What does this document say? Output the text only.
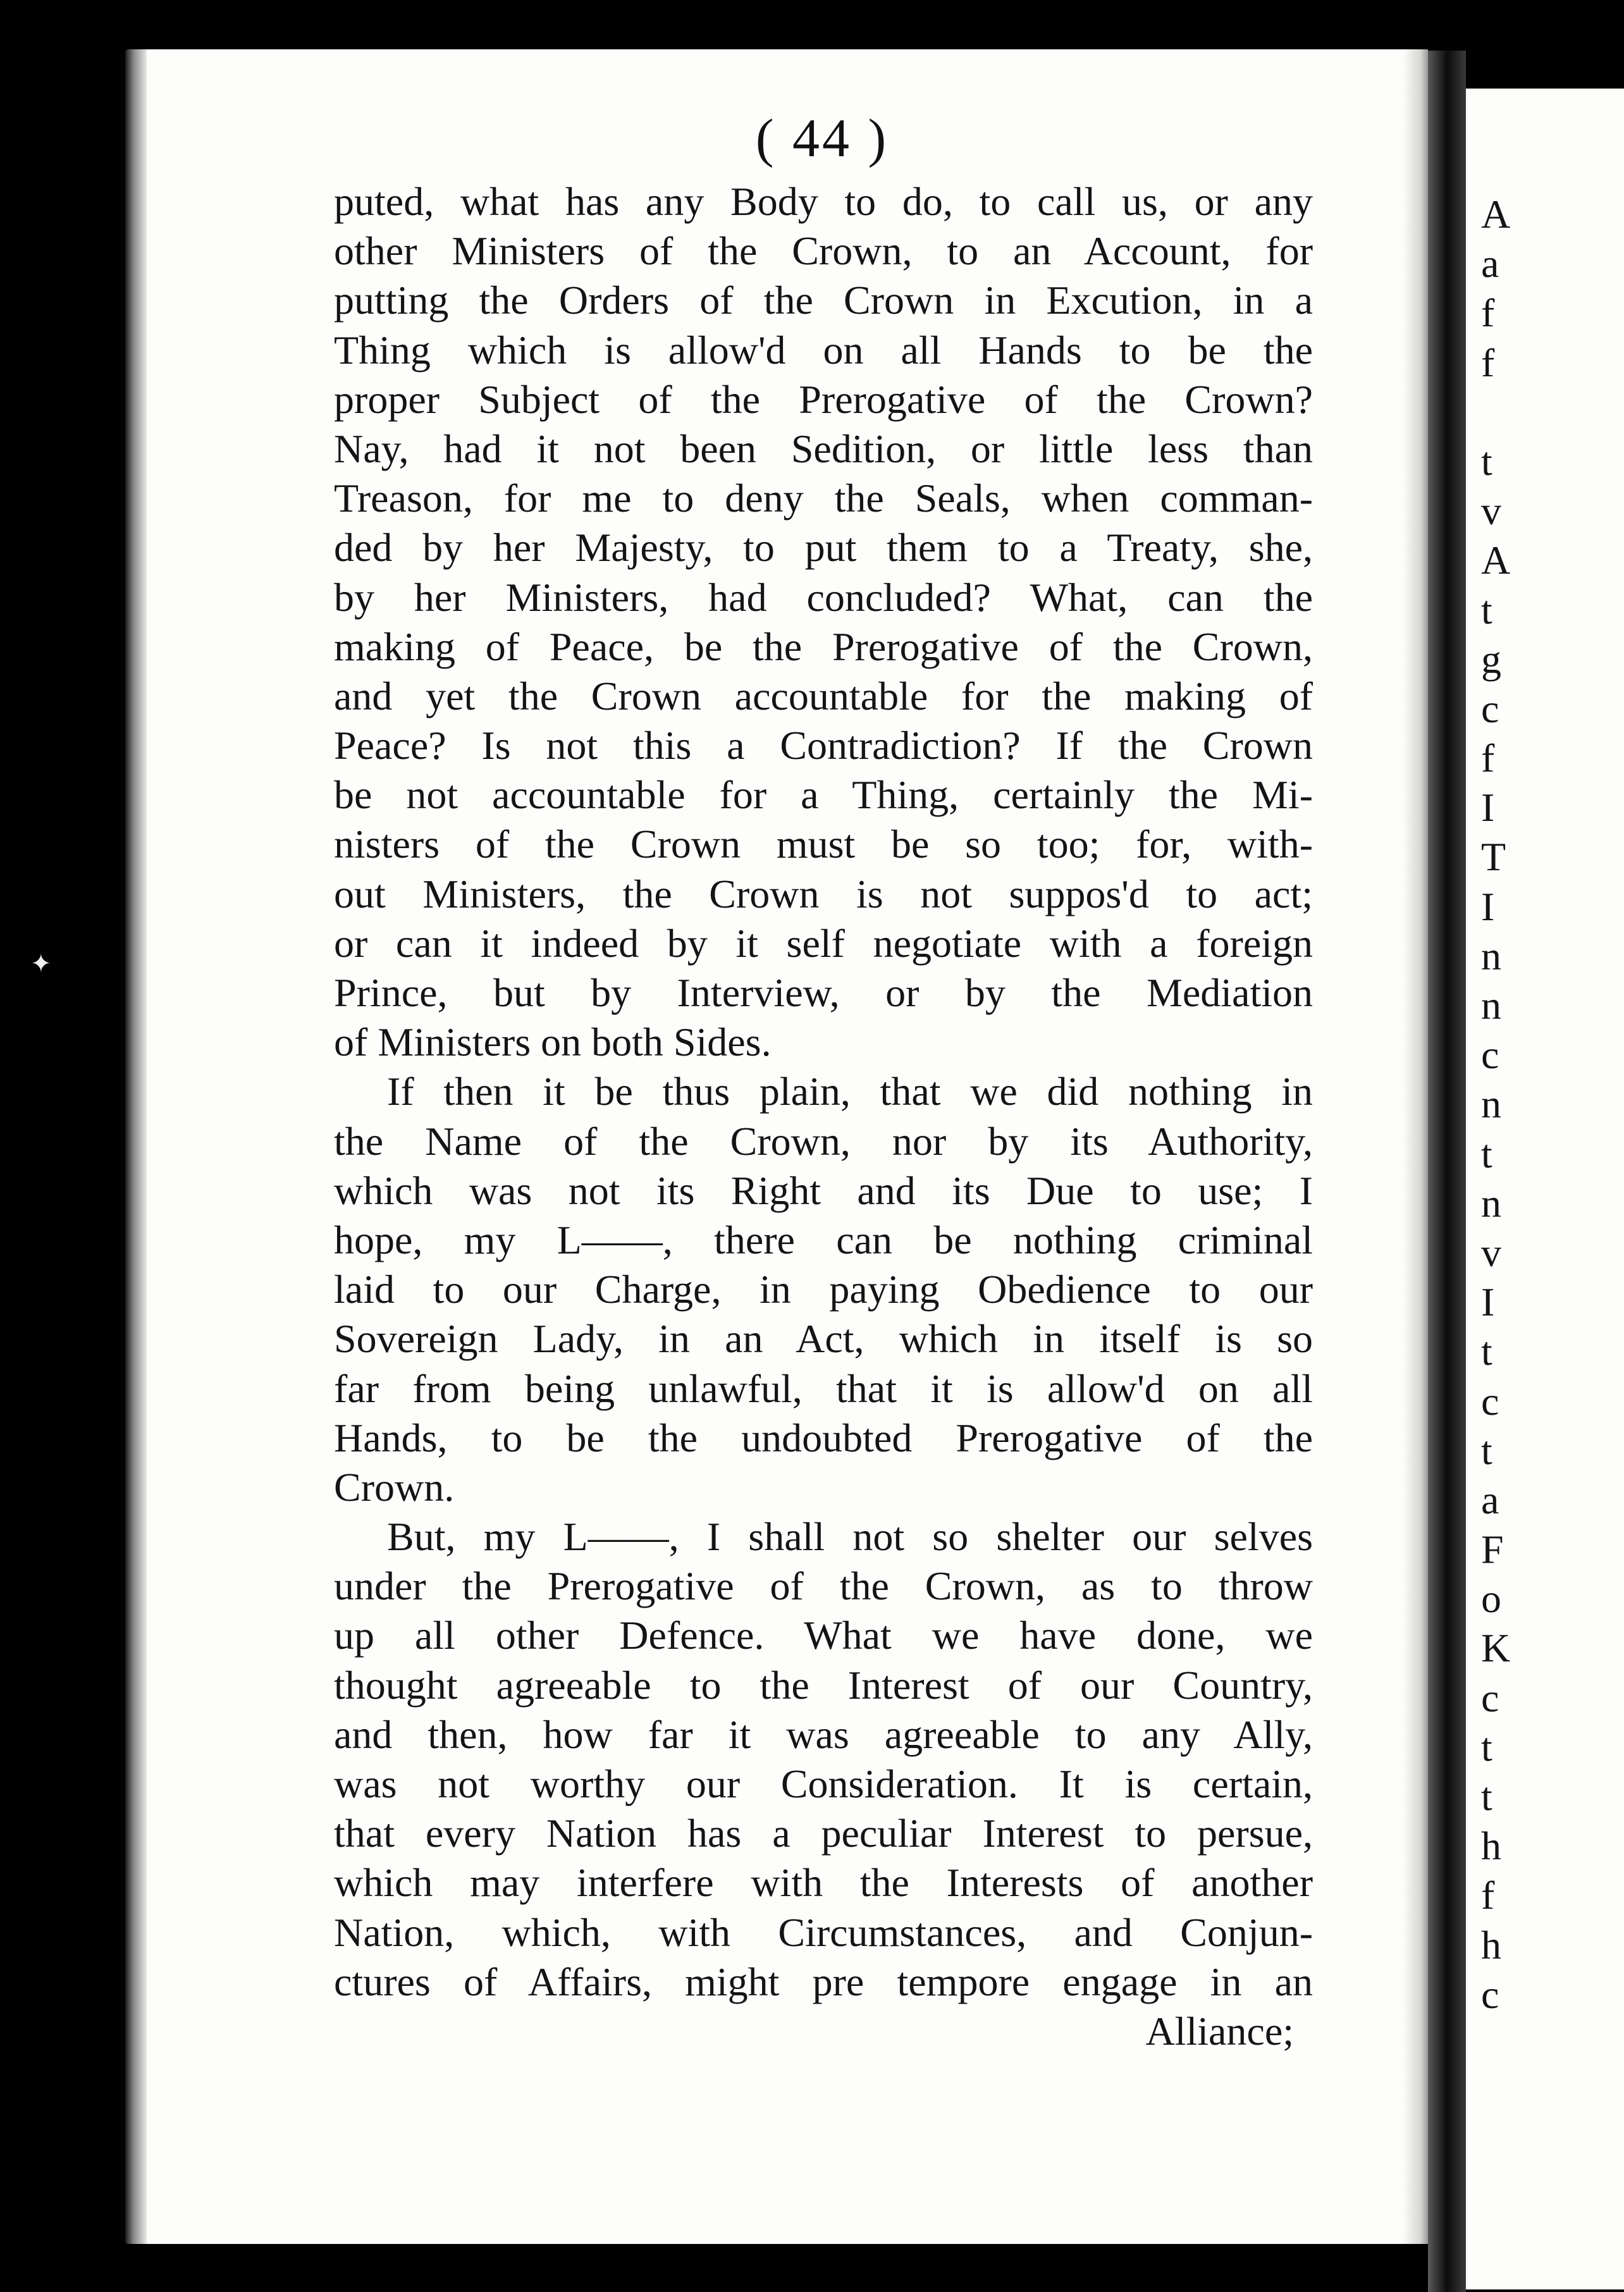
( 44 )
puted, what has any Body to do, to call us, or any
other Ministers of the Crown, to an Account, for
putting the Orders of the Crown in Excution, in a
Thing which is allow'd on all Hands to be the
proper Subject of the Prerogative of the Crown?
Nay, had it not been Sedition, or little less than
Treason, for me to deny the Seals, when comman-
ded by her Majesty, to put them to a Treaty, she,
by her Ministers, had concluded? What, can the
making of Peace, be the Prerogative of the Crown,
and yet the Crown accountable for the making of
Peace? Is not this a Contradiction? If the Crown
be not accountable for a Thing, certainly the Mi-
nisters of the Crown must be so too; for, with-
out Ministers, the Crown is not suppos'd to act;
or can it indeed by it self negotiate with a foreign
Prince, but by Interview, or by the Mediation
of Ministers on both Sides.
If then it be thus plain, that we did nothing in
the Name of the Crown, nor by its Authority,
which was not its Right and its Due to use; I
hope, my L——, there can be nothing criminal
laid to our Charge, in paying Obedience to our
Sovereign Lady, in an Act, which in itself is so
far from being unlawful, that it is allow'd on all
Hands, to be the undoubted Prerogative of the
Crown.
But, my L——, I shall not so shelter our selves
under the Prerogative of the Crown, as to throw
up all other Defence. What we have done, we
thought agreeable to the Interest of our Country,
and then, how far it was agreeable to any Ally,
was not worthy our Consideration. It is certain,
that every Nation has a peculiar Interest to persue,
which may interfere with the Interests of another
Nation, which, with Circumstances, and Conjun-
ctures of Affairs, might pre tempore engage in an
Alliance;
A
a
f
f
t
v
A
t
g
c
f
I
T
I
n
n
c
n
t
n
v
I
t
c
t
a
F
o
K
c
t
t
h
f
h
c
✦
